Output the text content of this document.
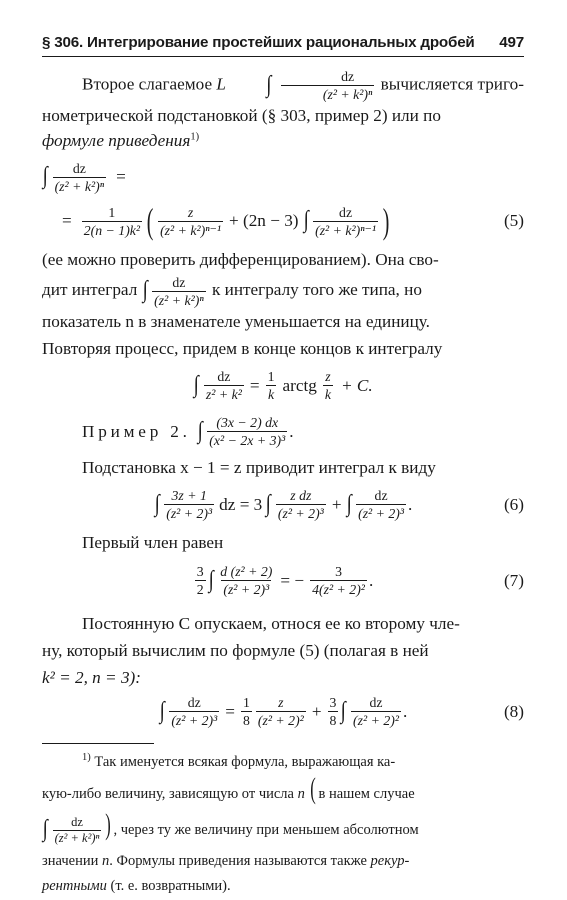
§ 306. Интегрирование простейших рациональных дробей 497

Второе слагаемое L	∫ $\frac{dz}{\text{(z² + k²)ⁿ}}$ вычисляется триго-

нометрической подстановкой (§ 303, пример 2) или по

формуле приведения$^{1)}$

∫ $\frac{dz}{\text{(z² + k²)ⁿ}}$ =
= $\frac{1}{\text{2(n − 1)k²}}$ ( $\frac{z}{\text{(z² + k²)ⁿ⁻¹}} + (2n - 3)$ ∫ $\frac{dz}{\text{(z² + k²)ⁿ⁻¹}}$ )	(5)

(ее можно проверить дифференцированием). Она сво-

дит интеграл ∫ $\frac{dz}{\text{(z² + k²)ⁿ}}$ к интегралу того же типа, но

показатель n в знаменателе уменьшается на единицу.

Повторяя процесс, придем в конце концов к интегралу

∫ $\frac{dz}{\text{z² + k²}} = \frac{1}{k}$ arctg $\frac{z}{k} + C$.
Пример 2. ∫ $\frac{(3x - 2) dx}{\text{(x² − 2x + 3)³}}$ .

Подстановка x − 1 = z приводит интеграл к виду

∫ $\frac{3z + 1}{\text{(z² + 2)³}}$ dz = 3 ∫ $\frac{\text{z dz}}{\text{(z² + 2)³}}$ + ∫ $\frac{dz}{\text{(z² + 2)³}}$ .	(6)

Первый член равен

$\frac{3}{2}$ ∫ $\frac{\text{d (z² + 2)}}{\text{(z² + 2)³}}$ = − $\frac{3}{\text{4(z² + 2)²}}$ .	(7)

Постоянную C опускаем, относя ее ко второму чле-

ну, который вычислим по формуле (5) (полагая в ней

k² = 2, n = 3):

∫ $\frac{dz}{\text{(z² + 2)³}} = \frac{1}{8} \frac{z}{\text{(z² + 2)²}} + \frac{3}{8}$ ∫ $\frac{dz}{\text{(z² + 2)²}}$ .	(8)

$^{1)}$ Так именуется всякая формула, выражающая ка-

кую-либо величину, зависящую от числа n ( в нашем случае

∫ $\frac{dz}{\text{(z² + k²)ⁿ}}$ ) , через ту же величину при меньшем абсолютном

значении n. Формулы приведения называются также рекур-

рентными (т. е. возвратными).
